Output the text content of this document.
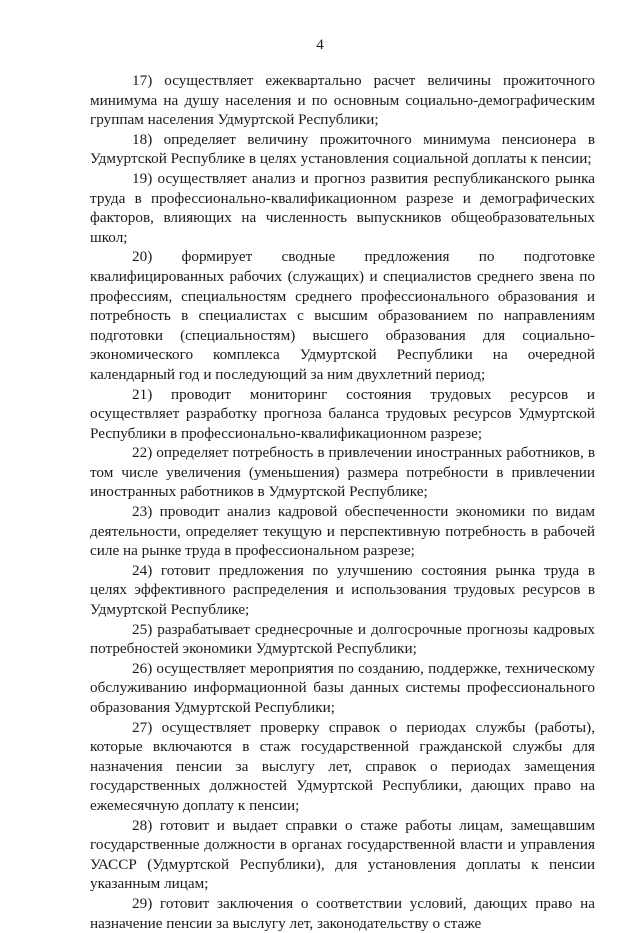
4

17) осуществляет ежеквартально расчет величины прожиточного минимума на душу населения и по основным социально-демографическим группам населения Удмуртской Республики;

18) определяет величину прожиточного минимума пенсионера в Удмуртской Республике в целях установления социальной доплаты к пенсии;

19) осуществляет анализ и прогноз развития республиканского рынка труда в профессионально-квалификационном разрезе и демографических факторов, влияющих на численность выпускников общеобразовательных школ;

20) формирует сводные предложения по подготовке квалифицированных рабочих (служащих) и специалистов среднего звена по профессиям, специальностям среднего профессионального образования и потребность в специалистах с высшим образованием по направлениям подготовки (специальностям) высшего образования для социально-экономического комплекса Удмуртской Республики на очередной календарный год и последующий за ним двухлетний период;

21) проводит мониторинг состояния трудовых ресурсов и осуществляет разработку прогноза баланса трудовых ресурсов Удмуртской Республики в профессионально-квалификационном разрезе;

22) определяет потребность в привлечении иностранных работников, в том числе увеличения (уменьшения) размера потребности в привлечении иностранных работников в Удмуртской Республике;

23) проводит анализ кадровой обеспеченности экономики по видам деятельности, определяет текущую и перспективную потребность в рабочей силе на рынке труда в профессиональном разрезе;

24) готовит предложения по улучшению состояния рынка труда в целях эффективного распределения и использования трудовых ресурсов в Удмуртской Республике;

25) разрабатывает среднесрочные и долгосрочные прогнозы кадровых потребностей экономики Удмуртской Республики;

26) осуществляет мероприятия по созданию, поддержке, техническому обслуживанию информационной базы данных системы профессионального образования Удмуртской Республики;

27) осуществляет проверку справок о периодах службы (работы), которые включаются в стаж государственной гражданской службы для назначения пенсии за выслугу лет, справок о периодах замещения государственных должностей Удмуртской Республики, дающих право на ежемесячную доплату к пенсии;

28) готовит и выдает справки о стаже работы лицам, замещавшим государственные должности в органах государственной власти и управления УАССР (Удмуртской Республики), для установления доплаты к пенсии указанным лицам;

29) готовит заключения о соответствии условий, дающих право на назначение пенсии за выслугу лет, законодательству о стаже
